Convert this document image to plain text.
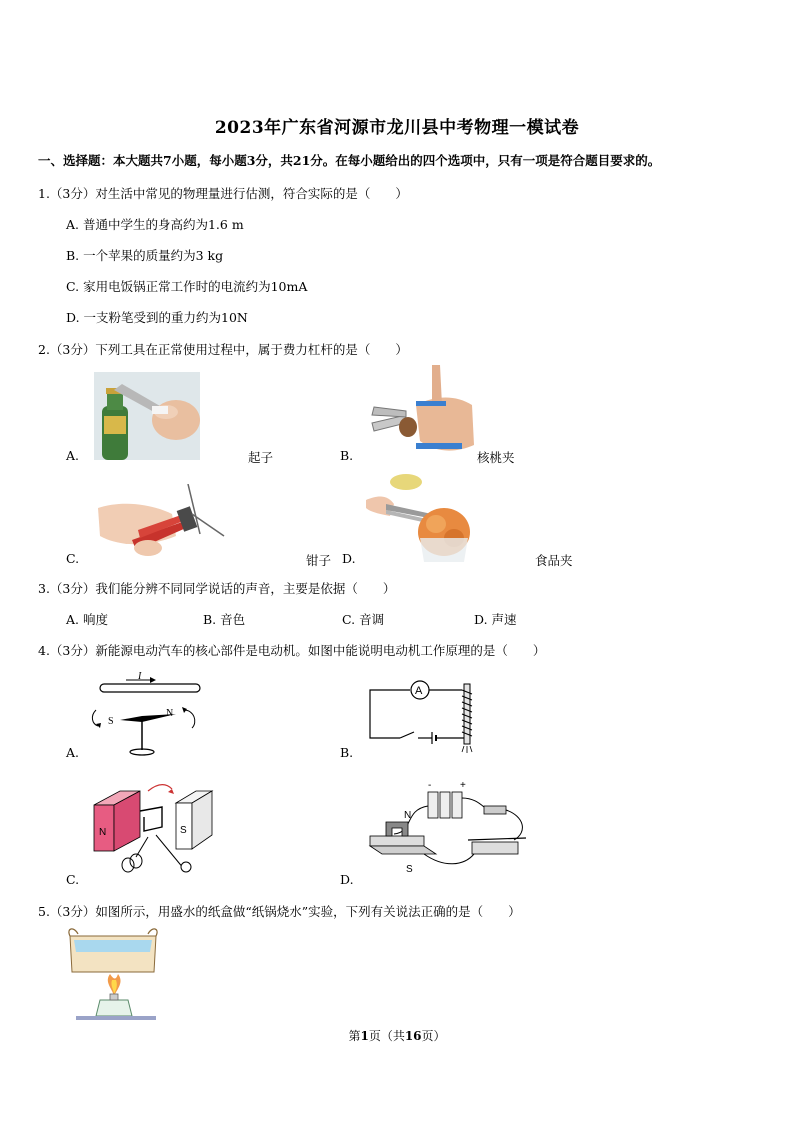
2023年广东省河源市龙川县中考物理一模试卷
一、选择题：本大题共7小题，每小题3分，共21分。在每小题给出的四个选项中，只有一项是符合题目要求的。
1.（3分）对生活中常见的物理量进行估测，符合实际的是（　　）
A. 普通中学生的身高约为1.6 m
B. 一个苹果的质量约为3 kg
C. 家用电饭锅正常工作时的电流约为10mA
D. 一支粉笔受到的重力约为10N
2.（3分）下列工具在正常使用过程中，属于费力杠杆的是（　　）
A.	起子	B.	核桃夹
C.	钳子 D.	食品夹
3.（3分）我们能分辨不同同学说话的声音，主要是依据（　　）
A. 响度	B. 音色	C. 音调	D. 声速
4.（3分）新能源电动汽车的核心部件是电动机。如图中能说明电动机工作原理的是（　　）
I
S
N
A.
A
B.
N	S
C.
-	+
N
S
D.
5.（3分）如图所示，用盛水的纸盒做“纸锅烧水”实验，下列有关说法正确的是（　　）
第1页（共16页）
